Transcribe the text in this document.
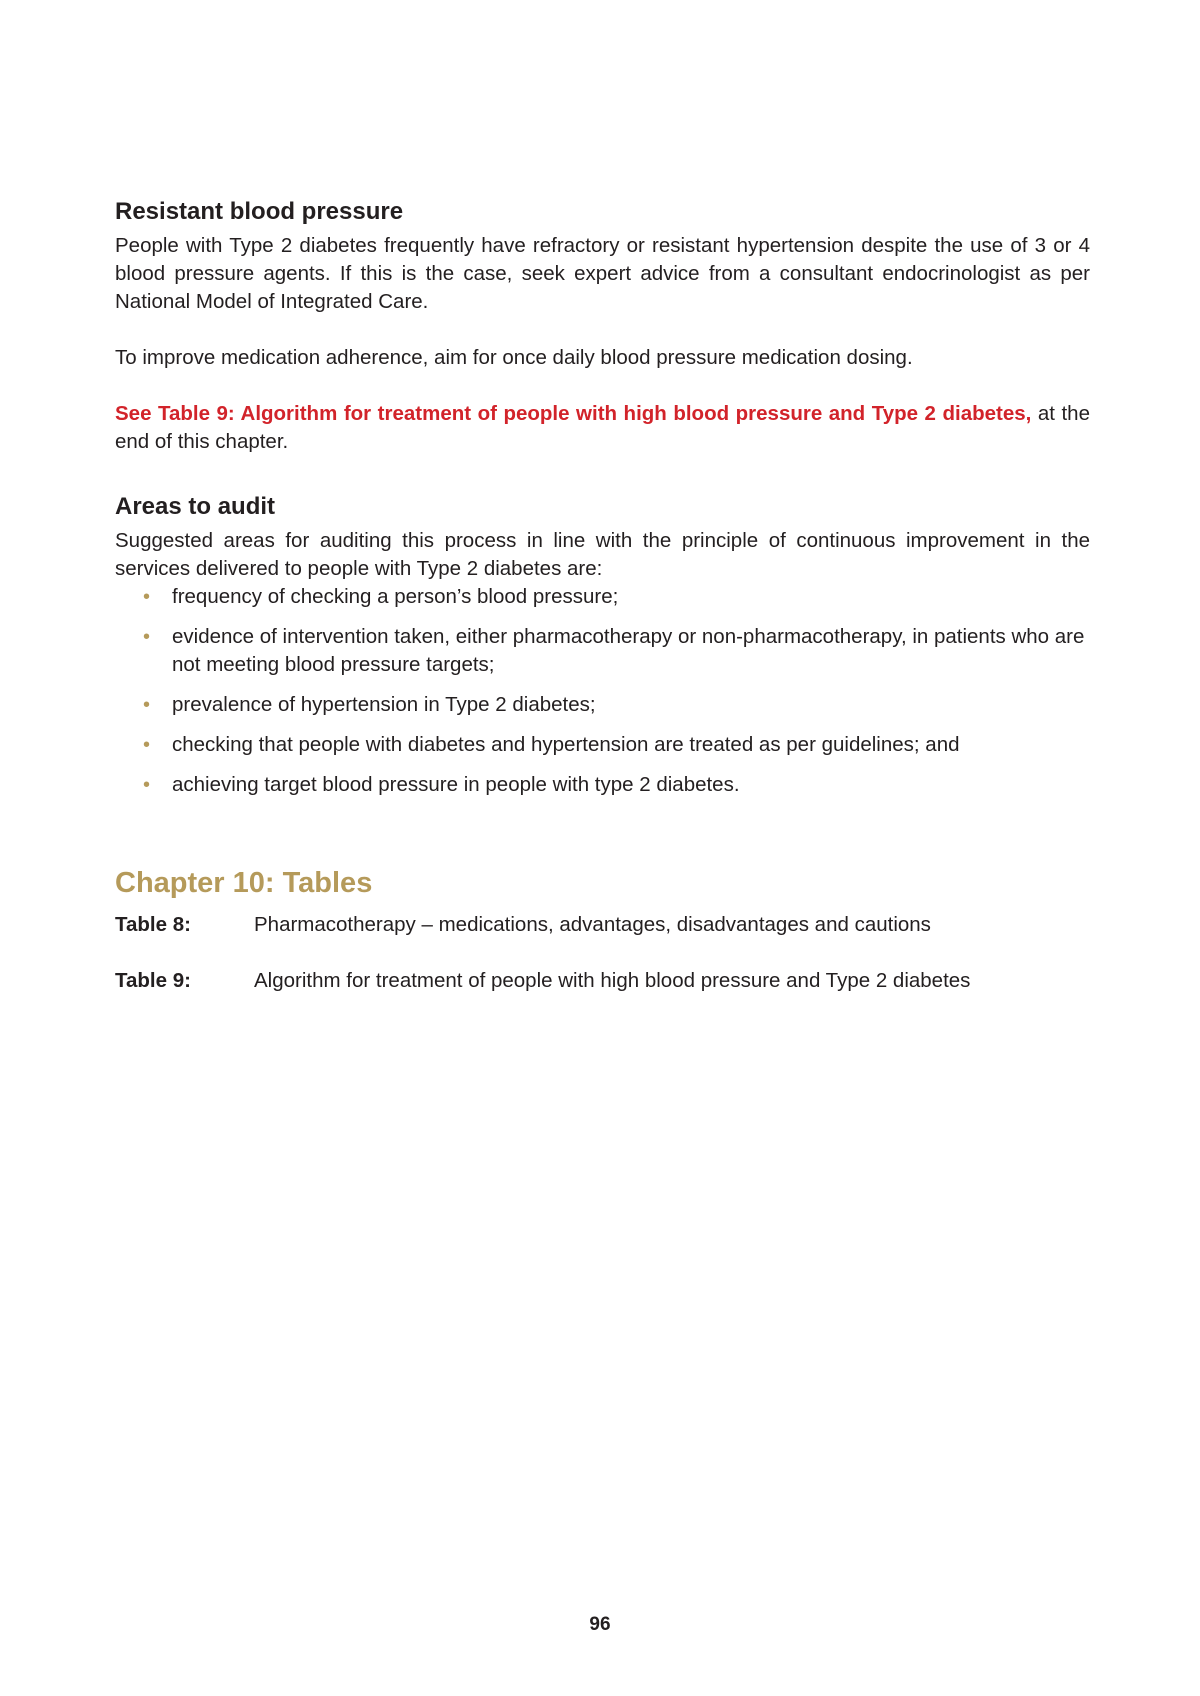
Resistant blood pressure

People with Type 2 diabetes frequently have refractory or resistant hypertension despite the use of 3 or 4 blood pressure agents. If this is the case, seek expert advice from a consultant endocrinologist as per National Model of Integrated Care.

To improve medication adherence, aim for once daily blood pressure medication dosing.

See Table 9: Algorithm for treatment of people with high blood pressure and Type 2 diabetes, at the end of this chapter.

Areas to audit

Suggested areas for auditing this process in line with the principle of continuous improvement in the services delivered to people with Type 2 diabetes are:

• frequency of checking a person’s blood pressure;
• evidence of intervention taken, either pharmacotherapy or non-pharmacotherapy, in patients who are not meeting blood pressure targets;
• prevalence of hypertension in Type 2 diabetes;
• checking that people with diabetes and hypertension are treated as per guidelines; and
• achieving target blood pressure in people with type 2 diabetes.
Chapter 10: Tables
Table 8:	Pharmacotherapy – medications, advantages, disadvantages and cautions
Table 9:	Algorithm for treatment of people with high blood pressure and Type 2 diabetes
96
